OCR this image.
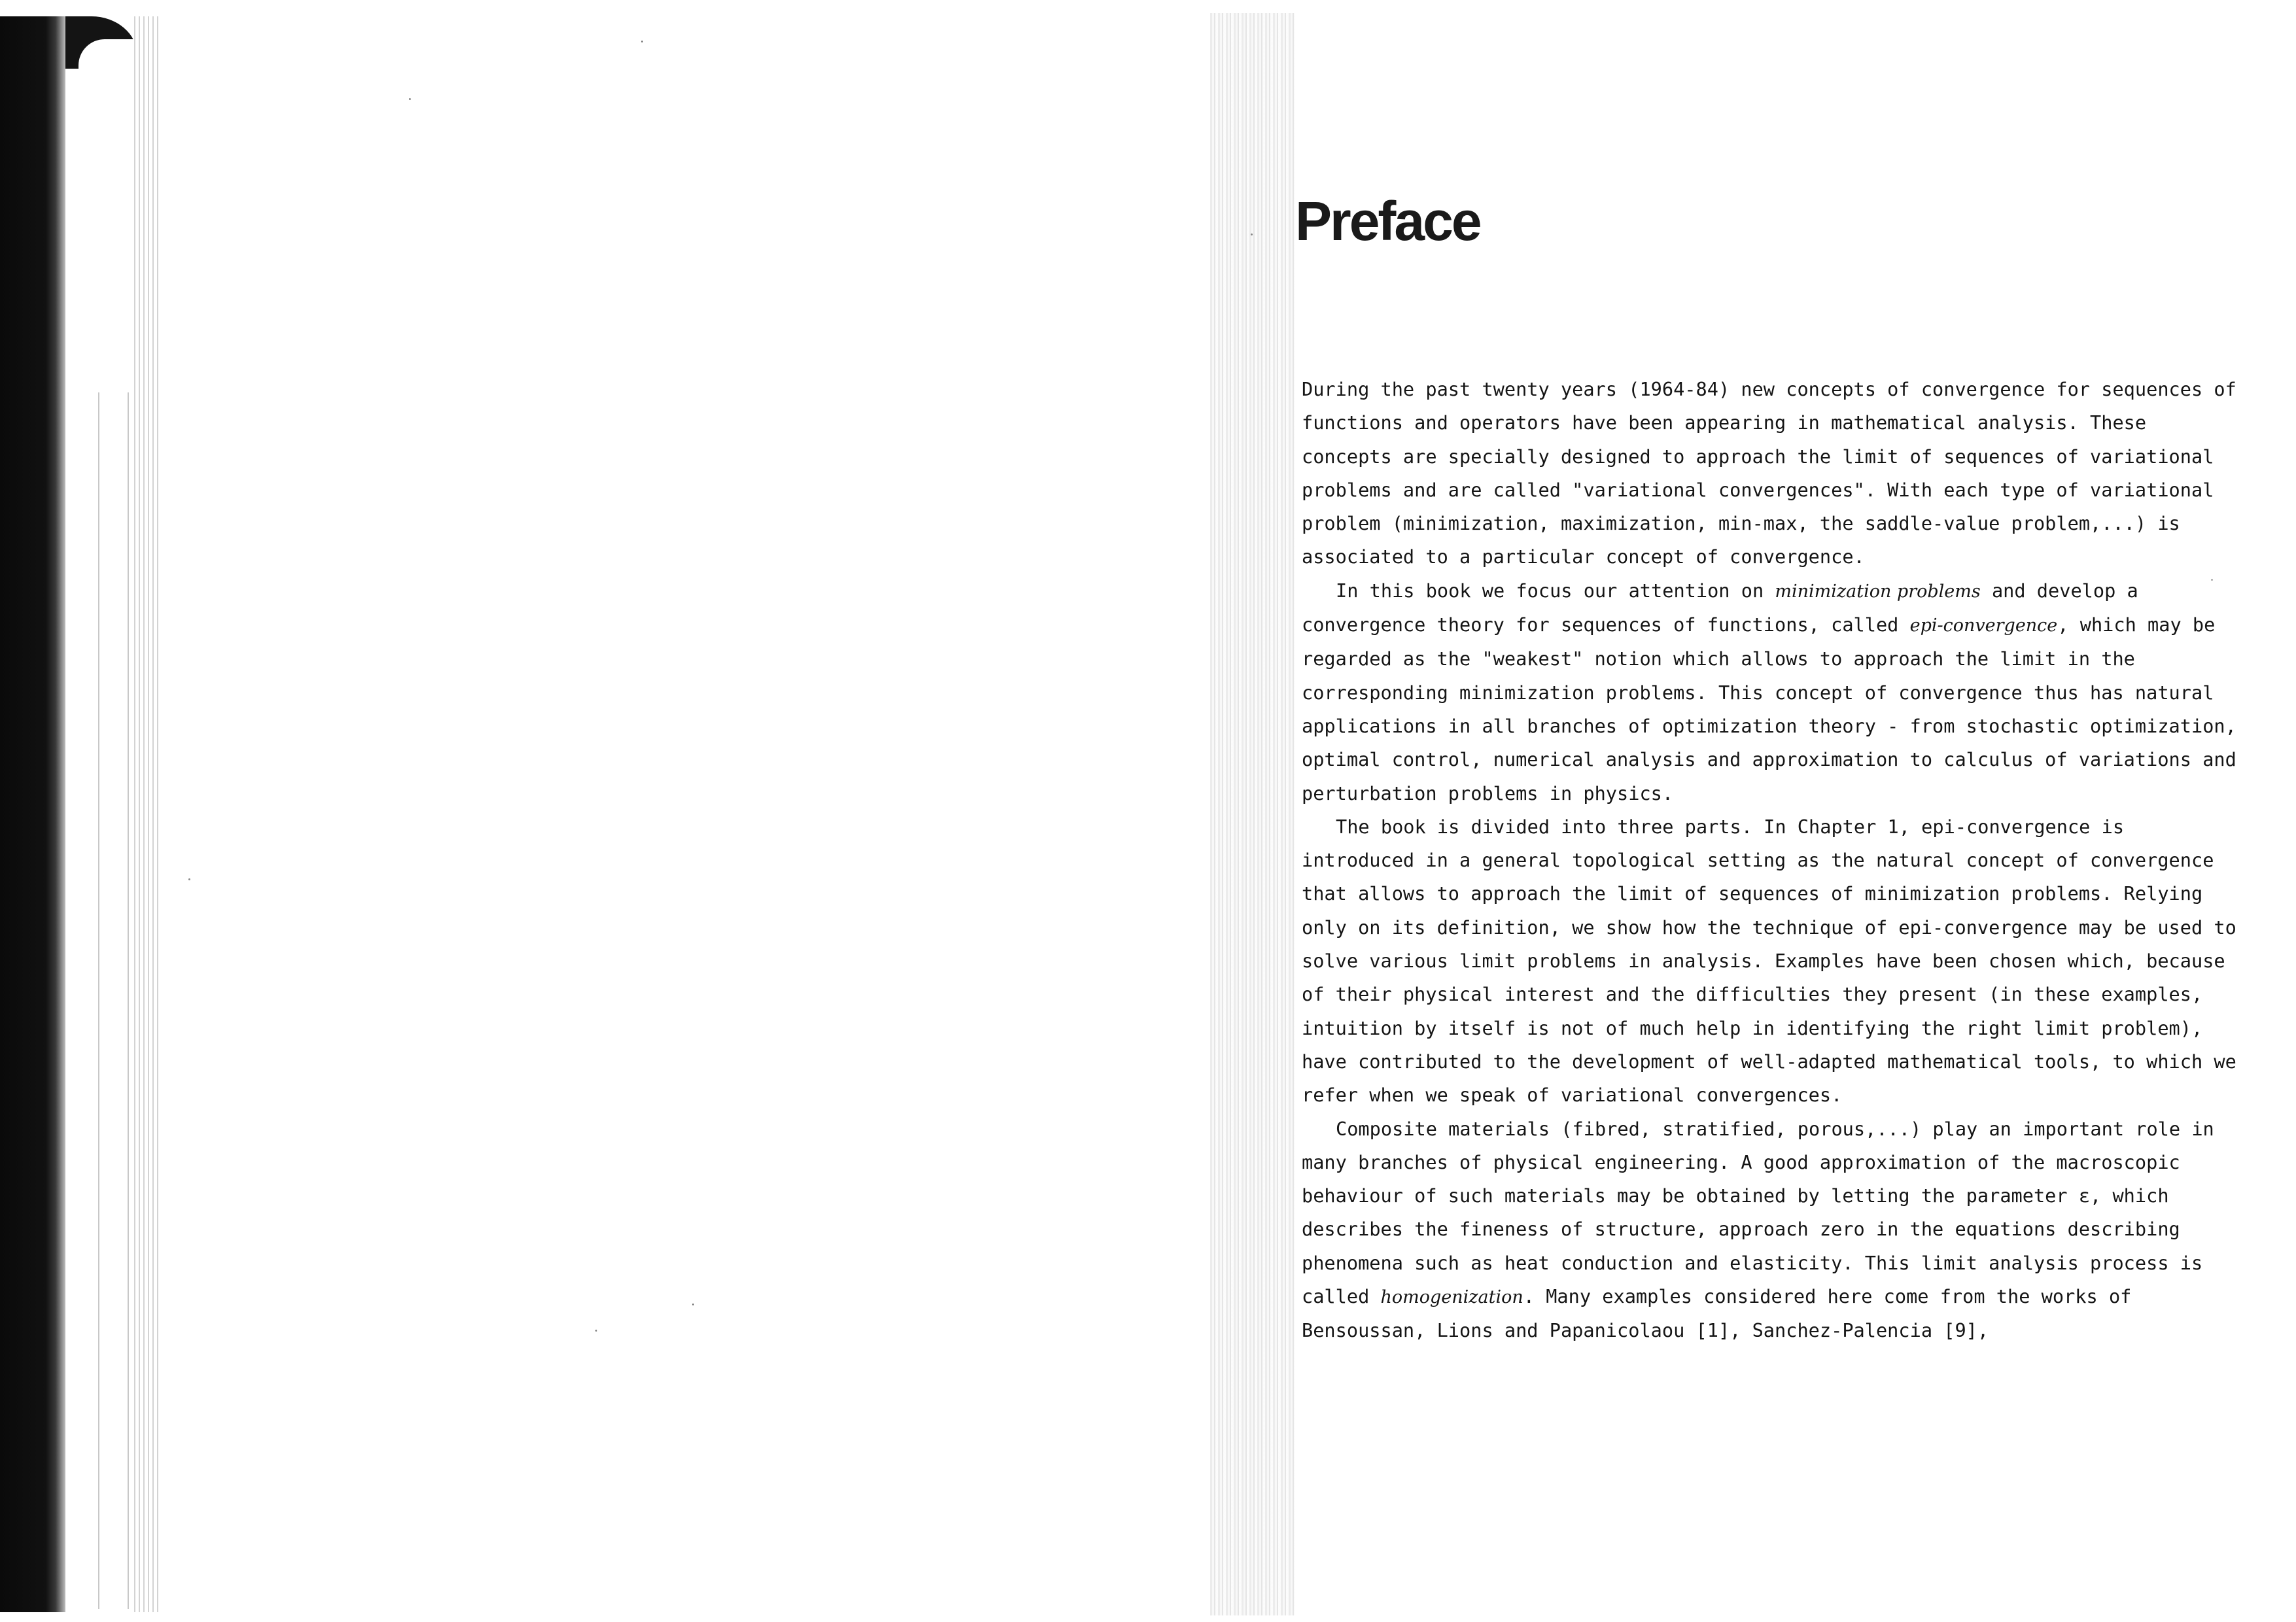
Preface

During the past twenty years (1964-84) new concepts of convergence for sequences of functions and operators have been appearing in mathematical analysis. These concepts are specially designed to approach the limit of sequences of variational problems and are called "variational convergences". With each type of variational problem (minimization, maximization, min-max, the saddle-value problem,...) is associated to a particular concept of convergence.

In this book we focus our attention on minimization problems and develop a convergence theory for sequences of functions, called epi-convergence, which may be regarded as the "weakest" notion which allows to approach the limit in the corresponding minimization problems. This concept of convergence thus has natural applications in all branches of optimization theory - from stochastic optimization, optimal control, numerical analysis and approximation to calculus of variations and perturbation problems in physics.

The book is divided into three parts. In Chapter 1, epi-convergence is introduced in a general topological setting as the natural concept of convergence that allows to approach the limit of sequences of minimization problems. Relying only on its definition, we show how the technique of epi-convergence may be used to solve various limit problems in analysis. Examples have been chosen which, because of their physical interest and the difficulties they present (in these examples, intuition by itself is not of much help in identifying the right limit problem), have contributed to the development of well-adapted mathematical tools, to which we refer when we speak of variational convergences.

Composite materials (fibred, stratified, porous,...) play an important role in many branches of physical engineering. A good approximation of the macroscopic behaviour of such materials may be obtained by letting the parameter ε, which describes the fineness of structure, approach zero in the equations describing phenomena such as heat conduction and elasticity. This limit analysis process is called homogenization. Many examples considered here come from the works of Bensoussan, Lions and Papanicolaou [1], Sanchez-Palencia [9],
